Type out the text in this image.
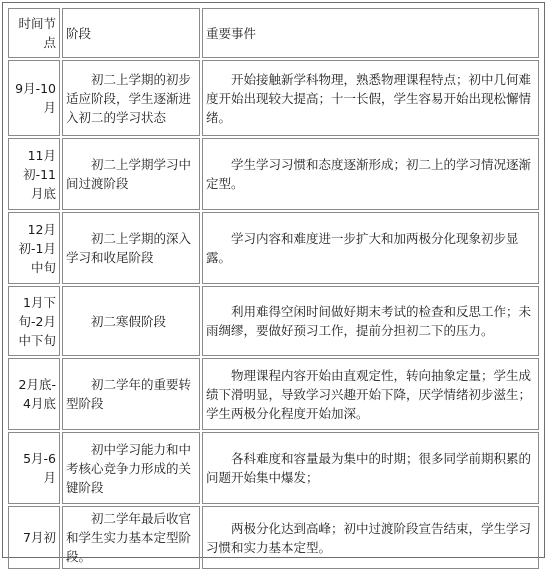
时间节点	阶段	重要事件
9月-10月	初二上学期的初步适应阶段，学生逐渐进入初二的学习状态	开始接触新学科物理，熟悉物理课程特点；初中几何难度开始出现较大提高；十一长假，学生容易开始出现松懈情绪。

11月初-11月底	初二上学期学习中间过渡阶段	学生学习习惯和态度逐渐形成；初二上的学习情况逐渐定型。

12月初-1月中旬	初二上学期的深入学习和收尾阶段	学习内容和难度进一步扩大和加两极分化现象初步显露。

1月下旬-2月中下旬	初二寒假阶段	利用难得空闲时间做好期末考试的检查和反思工作；未雨绸缪，要做好预习工作，提前分担初二下的压力。

2月底-4月底	初二学年的重要转型阶段	物理课程内容开始由直观定性，转向抽象定量；学生成绩下滑明显，导致学习兴趣开始下降，厌学情绪初步滋生；学生两极分化程度开始加深。

5月-6月	初中学习能力和中考核心竞争力形成的关键阶段	各科难度和容量最为集中的时期；很多同学前期积累的问题开始集中爆发；

7月初	初二学年最后收官和学生实力基本定型阶段。	两极分化达到高峰；初中过渡阶段宣告结束，学生学习习惯和实力基本定型。
